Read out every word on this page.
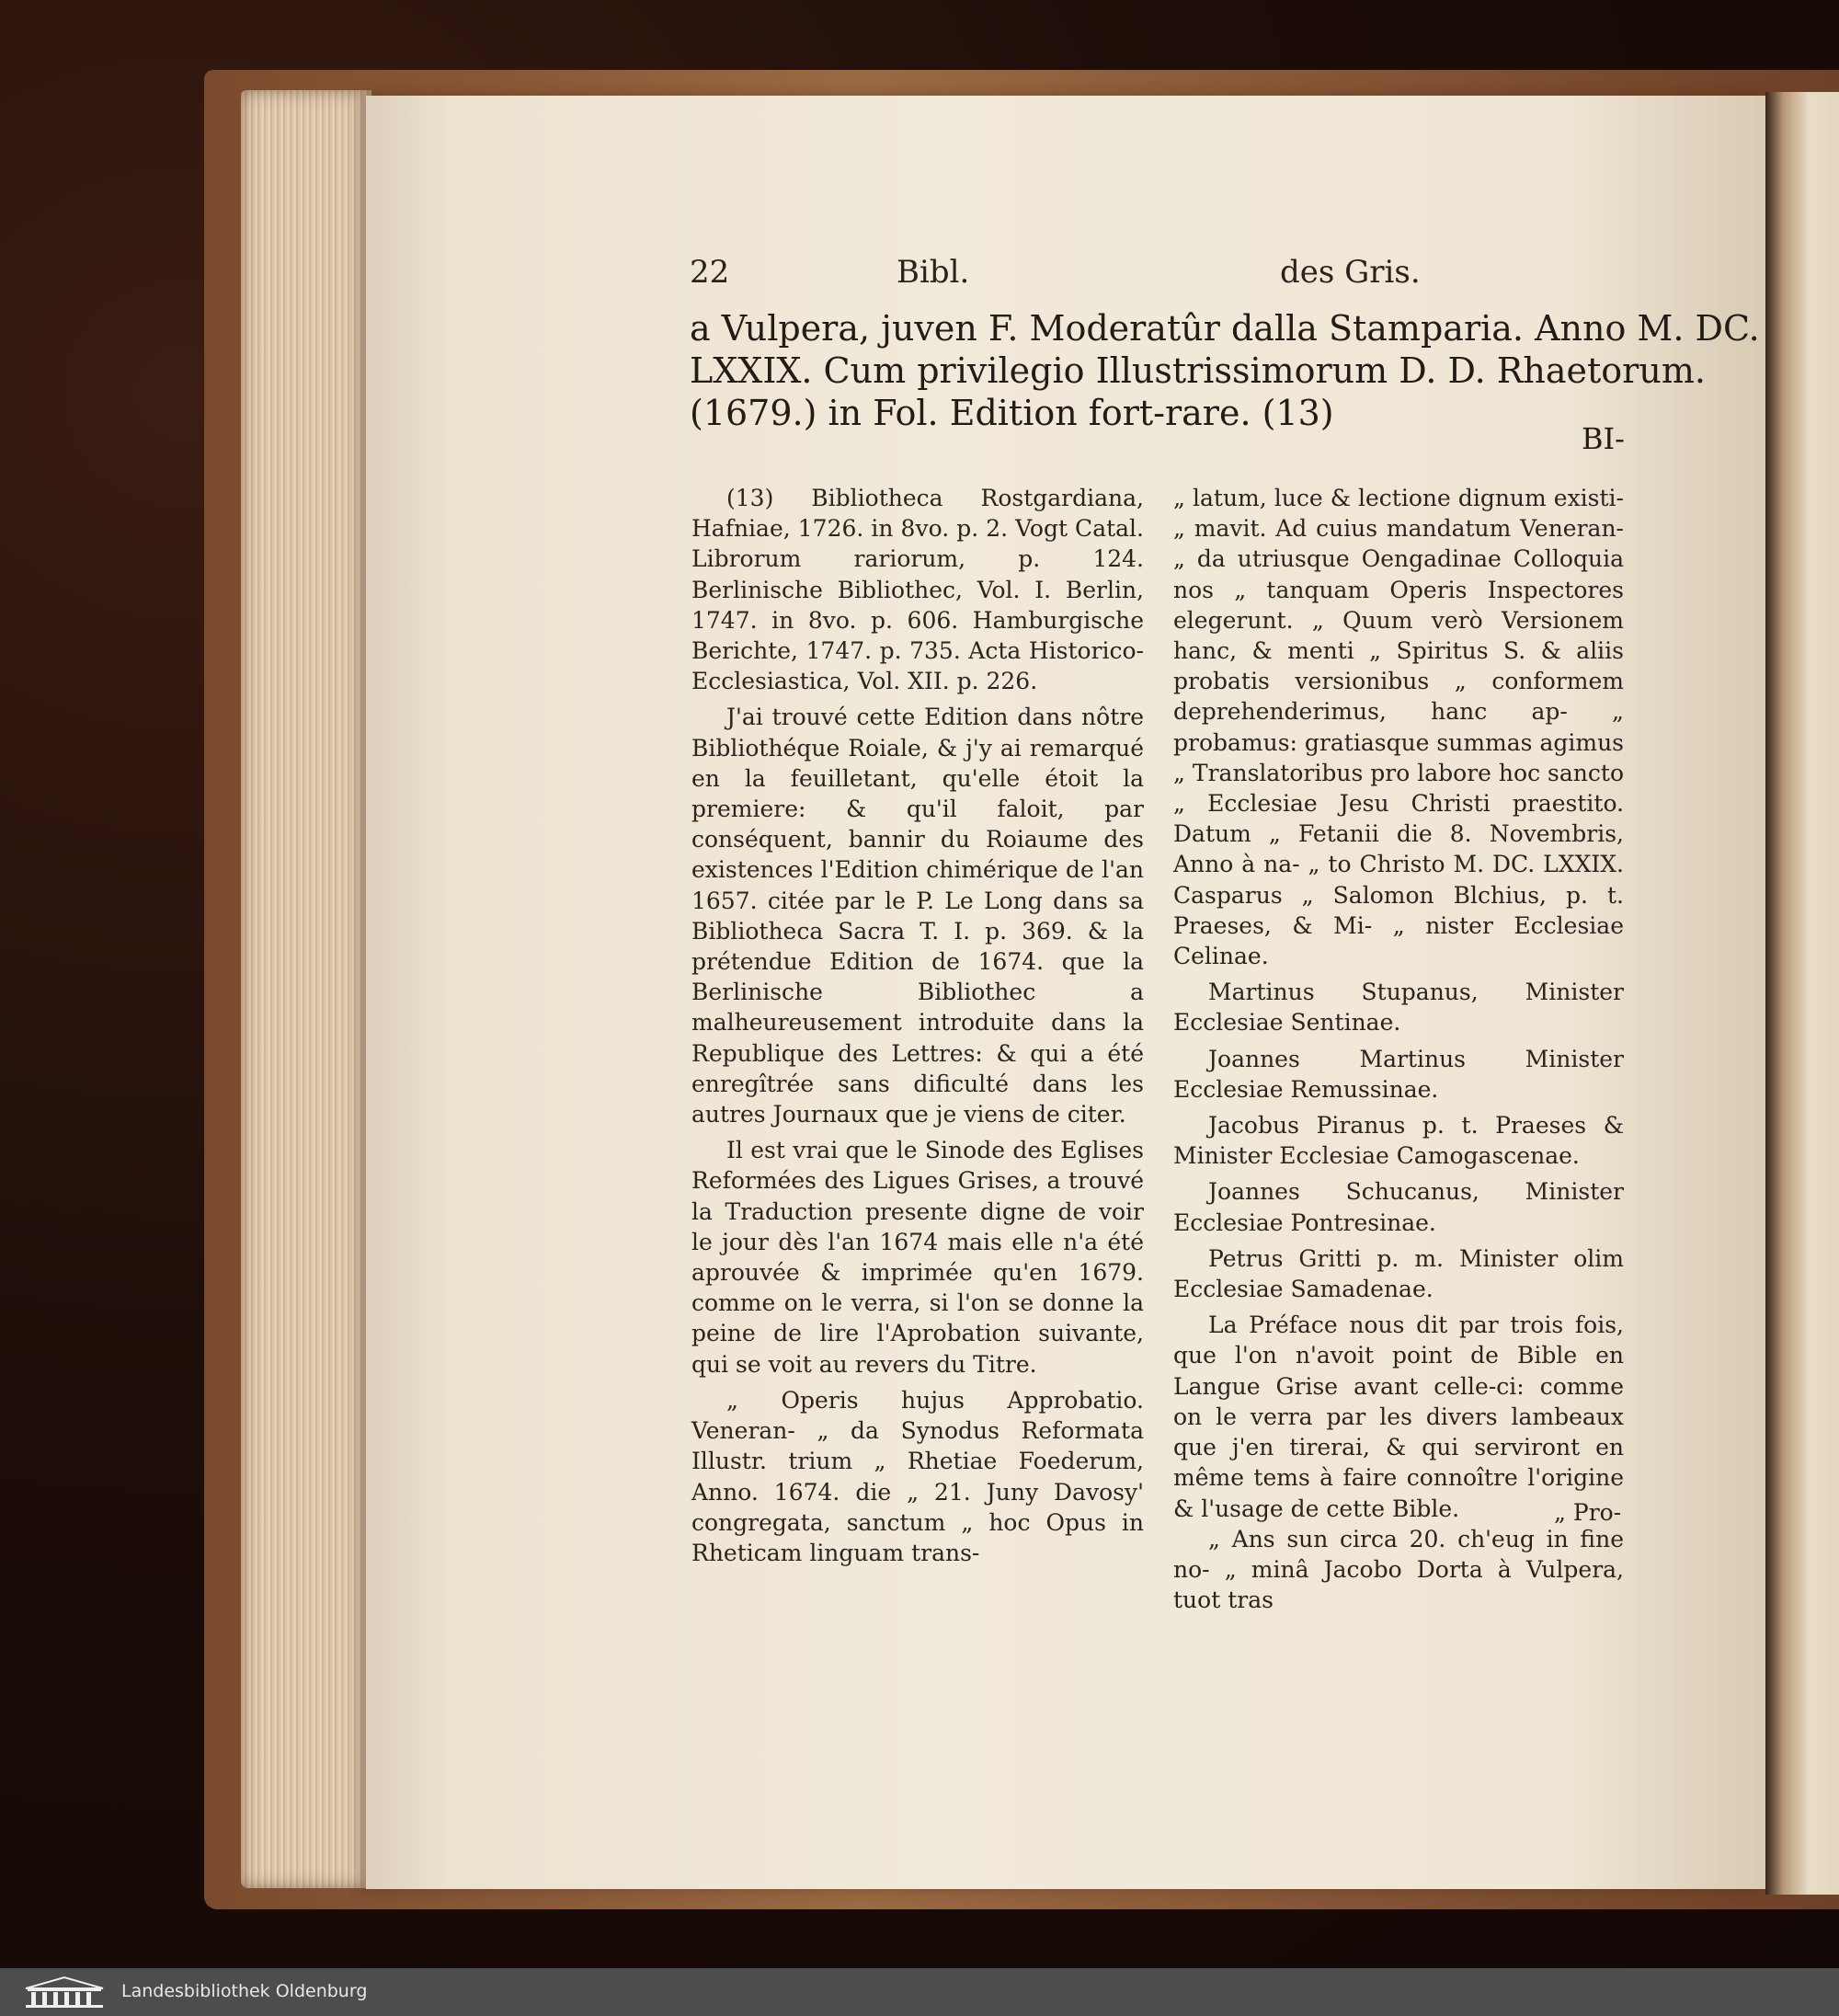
22	Bibl.	des Gris.
a Vulpera, juven F. Moderatûr dalla Stamparia. Anno M. DC.
LXXIX. Cum privilegio Illustrissimorum D. D. Rhaetorum.
(1679.) in Fol. Edition fort-rare. (13)
BI-

(13) Bibliotheca Rostgardiana, Hafniae, 1726. in 8vo. p. 2. Vogt Catal. Librorum rariorum, p. 124. Berlinische Bibliothec, Vol. I. Berlin, 1747. in 8vo. p. 606. Hamburgische Berichte, 1747. p. 735. Acta Historico-Ecclesiastica, Vol. XII. p. 226.

J'ai trouvé cette Edition dans nôtre Bibliothéque Roiale, & j'y ai remarqué en la feuilletant, qu'elle étoit la premiere: & qu'il faloit, par conséquent, bannir du Roiaume des existences l'Edition chimérique de l'an 1657. citée par le P. Le Long dans sa Bibliotheca Sacra T. I. p. 369. & la prétendue Edition de 1674. que la Berlinische Bibliothec a malheureusement introduite dans la Republique des Lettres: & qui a été enregîtrée sans dificulté dans les autres Journaux que je viens de citer.

Il est vrai que le Sinode des Eglises Reformées des Ligues Grises, a trouvé la Traduction presente digne de voir le jour dès l'an 1674 mais elle n'a été aprouvée & imprimée qu'en 1679. comme on le verra, si l'on se donne la peine de lire l'Aprobation suivante, qui se voit au revers du Titre.

„ Operis hujus Approbatio. Veneran- „ da Synodus Reformata Illustr. trium „ Rhetiae Foederum, Anno. 1674. die „ 21. Juny Davosy' congregata, sanctum „ hoc Opus in Rheticam linguam trans-

„ latum, luce & lectione dignum existi- „ mavit. Ad cuius mandatum Veneran- „ da utriusque Oengadinae Colloquia nos „ tanquam Operis Inspectores elegerunt. „ Quum verò Versionem hanc, & menti „ Spiritus S. & aliis probatis versionibus „ conformem deprehenderimus, hanc ap- „ probamus: gratiasque summas agimus „ Translatoribus pro labore hoc sancto „ Ecclesiae Jesu Christi praestito. Datum „ Fetanii die 8. Novembris, Anno à na- „ to Christo M. DC. LXXIX. Casparus „ Salomon Blchius, p. t. Praeses, & Mi- „ nister Ecclesiae Celinae.

Martinus Stupanus, Minister Ecclesiae Sentinae.

Joannes Martinus Minister Ecclesiae Remussinae.

Jacobus Piranus p. t. Praeses & Minister Ecclesiae Camogascenae.

Joannes Schucanus, Minister Ecclesiae Pontresinae.

Petrus Gritti p. m. Minister olim Ecclesiae Samadenae.

La Préface nous dit par trois fois, que l'on n'avoit point de Bible en Langue Grise avant celle-ci: comme on le verra par les divers lambeaux que j'en tirerai, & qui serviront en même tems à faire connoître l'origine & l'usage de cette Bible.

„ Ans sun circa 20. ch'eug in fine no- „ minâ Jacobo Dorta à Vulpera, tuot tras

„ Pro-
Landesbibliothek Oldenburg
